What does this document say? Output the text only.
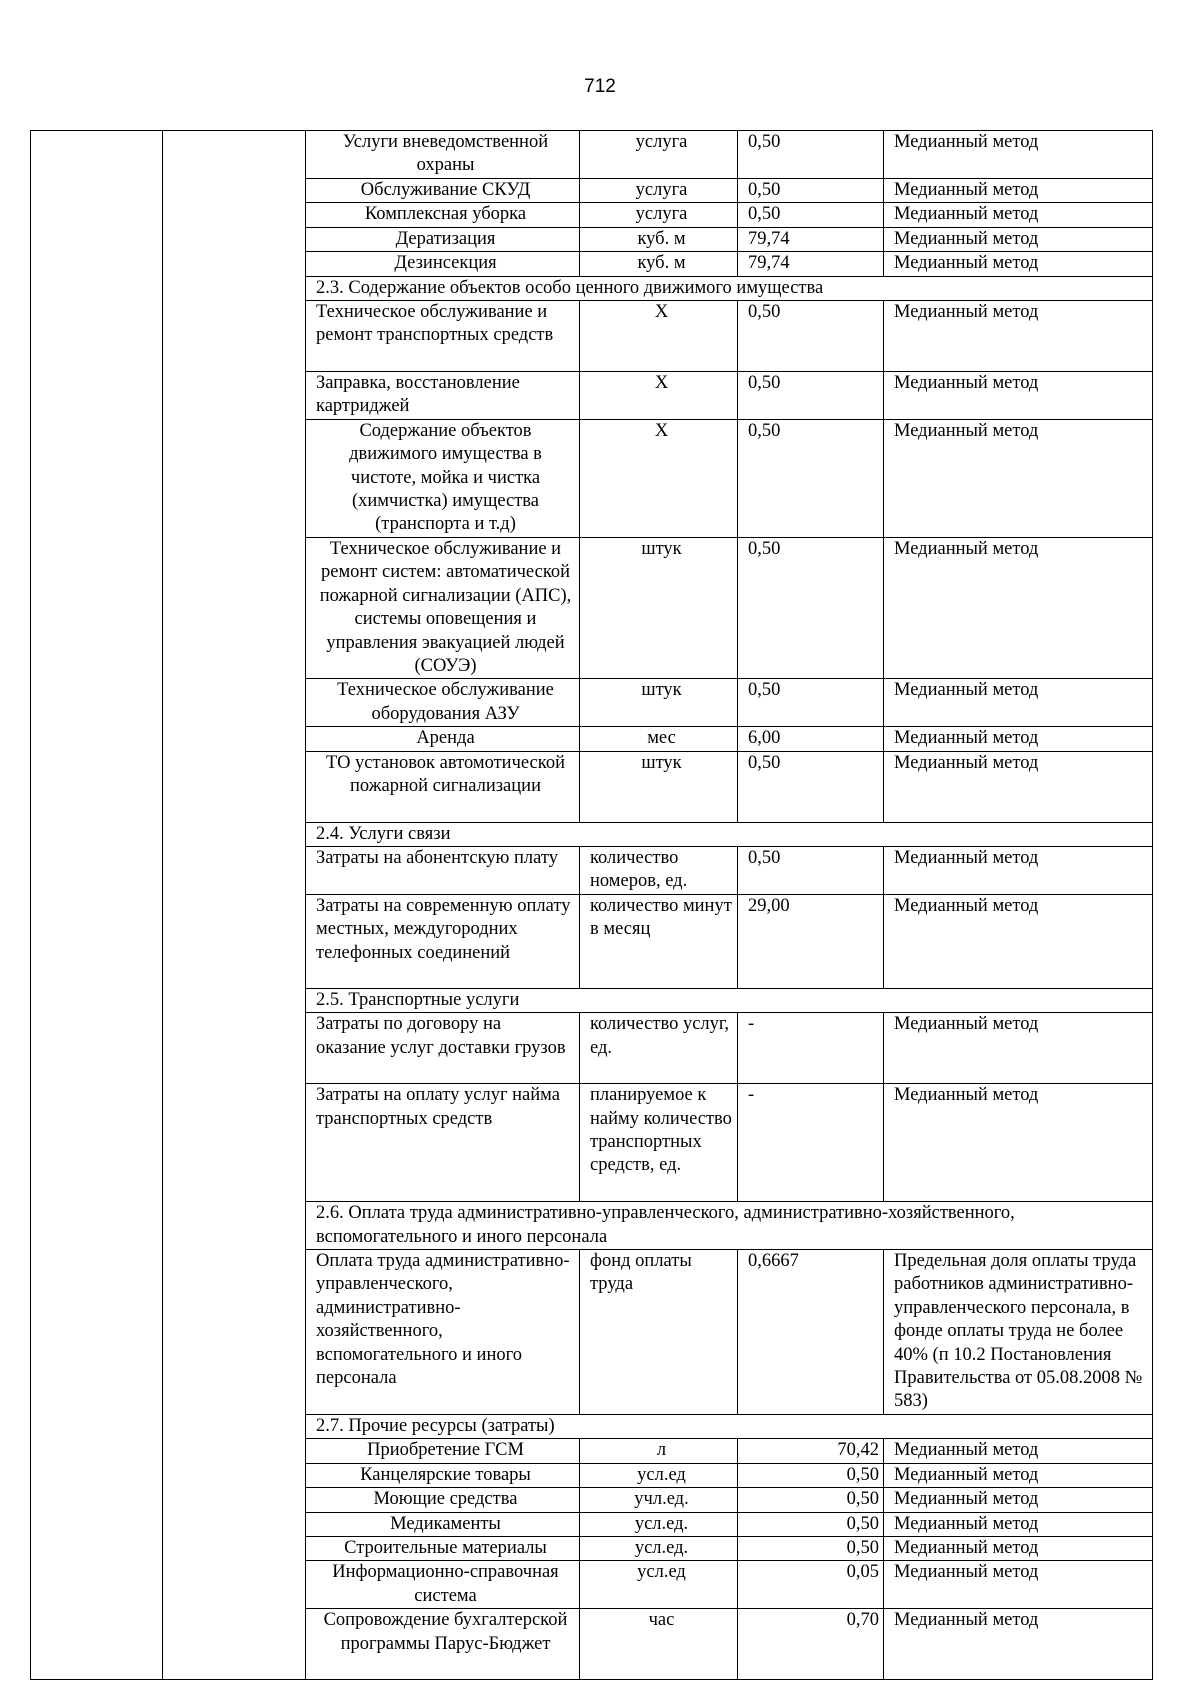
712
		Услуги вневедомственной охраны	услуга	0,50	Медианный метод
		Обслуживание СКУД	услуга	0,50	Медианный метод
		Комплексная уборка	услуга	0,50	Медианный метод
		Дератизация	куб. м	79,74	Медианный метод
		Дезинсекция	куб. м	79,74	Медианный метод
		2.3. Содержание объектов особо ценного движимого имущества			
		Техническое обслуживание и ремонт транспортных средств	Х	0,50	Медианный метод
		Заправка, восстановление картриджей	Х	0,50	Медианный метод
		Содержание объектов движимого имущества в чистоте, мойка и чистка (химчистка) имущества (транспорта и т.д)	Х	0,50	Медианный метод
		Техническое обслуживание и ремонт систем: автоматической пожарной сигнализации (АПС), системы оповещения и управления эвакуацией людей (СОУЭ)	штук	0,50	Медианный метод
		Техническое обслуживание оборудования АЗУ	штук	0,50	Медианный метод
		Аренда	мес	6,00	Медианный метод
		ТО установок автомотической пожарной сигнализации	штук	0,50	Медианный метод
		2.4. Услуги связи			
		Затраты на абонентскую плату	количество номеров, ед.	0,50	Медианный метод
		Затраты на современную оплату местных, междугородних телефонных соединений	количество минут в месяц	29,00	Медианный метод
		2.5. Транспортные услуги			
		Затраты по договору на оказание услуг доставки грузов	количество услуг, ед.	-	Медианный метод
		Затраты на оплату услуг найма транспортных средств	планируемое к найму количество транспортных средств, ед.	-	Медианный метод
		2.6. Оплата труда административно-управленческого, административно-хозяйственного, вспомогательного и иного персонала			
		Оплата труда административно-управленческого, административно-хозяйственного, вспомогательного и иного персонала	фонд оплаты труда	0,6667	Предельная доля оплаты труда работников административно-управленческого персонала, в фонде оплаты труда не более 40% (п 10.2 Постановления Правительства от 05.08.2008 № 583)
		2.7. Прочие ресурсы (затраты)			
		Приобретение ГСМ	л	70,42	Медианный метод
		Канцелярские товары	усл.ед	0,50	Медианный метод
		Моющие средства	учл.ед.	0,50	Медианный метод
		Медикаменты	усл.ед.	0,50	Медианный метод
		Строительные материалы	усл.ед.	0,50	Медианный метод
		Информационно-справочная система	усл.ед	0,05	Медианный метод
		Сопровождение бухгалтерской программы Парус-Бюджет	час	0,70	Медианный метод
